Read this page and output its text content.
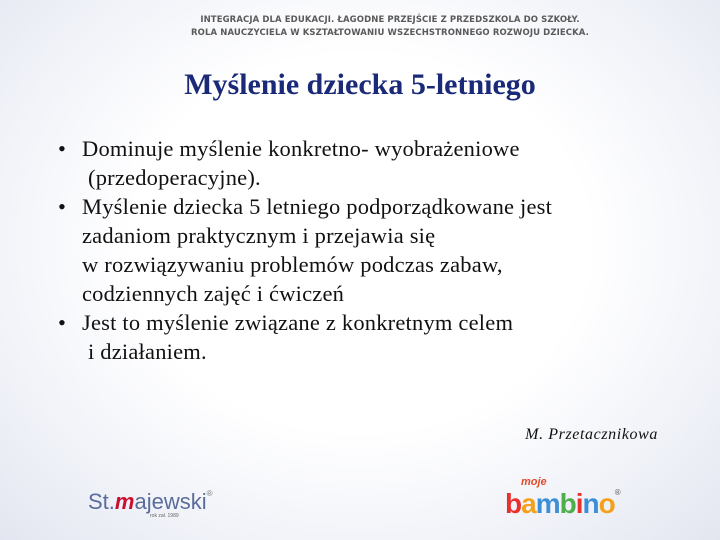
INTEGRACJA DLA EDUKACJI. ŁAGODNE PRZEJŚCIE Z PRZEDSZKOLA DO SZKOŁY.
ROLA NAUCZYCIELA W KSZTAŁTOWANIU WSZECHSTRONNEGO ROZWOJU DZIECKA.
Myślenie dziecka 5-letniego
• Dominuje myślenie konkretno- wyobrażeniowe
(przedoperacyjne).
• Myślenie dziecka 5 letniego podporządkowane jest
zadaniom praktycznym i przejawia się
w rozwiązywaniu problemów podczas zabaw,
codziennych zajęć i ćwiczeń
• Jest to myślenie związane z konkretnym celem
i działaniem.
M. Przetacznikowa
St.majewski®
rok zał. 1989
moje
bambino®
